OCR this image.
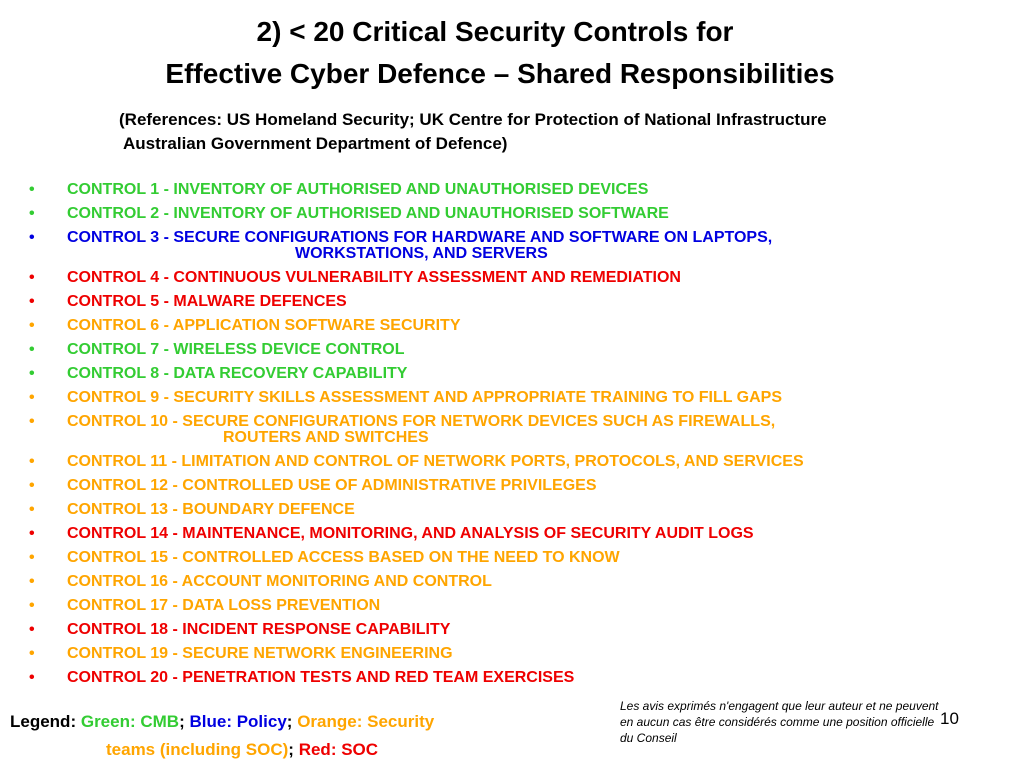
2) < 20 Critical Security Controls for
Effective Cyber Defence – Shared Responsibilities
(References: US Homeland Security; UK Centre for Protection of National Infrastructure
Australian Government Department of Defence)
• CONTROL 1 - INVENTORY OF AUTHORISED AND UNAUTHORISED DEVICES
• CONTROL 2 - INVENTORY OF AUTHORISED AND UNAUTHORISED SOFTWARE
• CONTROL 3 - SECURE CONFIGURATIONS FOR HARDWARE AND SOFTWARE ON LAPTOPS,
WORKSTATIONS, AND SERVERS
• CONTROL 4 - CONTINUOUS VULNERABILITY ASSESSMENT AND REMEDIATION
• CONTROL 5 - MALWARE DEFENCES
• CONTROL 6 - APPLICATION SOFTWARE SECURITY
• CONTROL 7 - WIRELESS DEVICE CONTROL
• CONTROL 8 - DATA RECOVERY CAPABILITY
• CONTROL 9 - SECURITY SKILLS ASSESSMENT AND APPROPRIATE TRAINING TO FILL GAPS
• CONTROL 10 - SECURE CONFIGURATIONS FOR NETWORK DEVICES SUCH AS FIREWALLS,
ROUTERS AND SWITCHES
• CONTROL 11 - LIMITATION AND CONTROL OF NETWORK PORTS, PROTOCOLS, AND SERVICES
• CONTROL 12 - CONTROLLED USE OF ADMINISTRATIVE PRIVILEGES
• CONTROL 13 - BOUNDARY DEFENCE
• CONTROL 14 - MAINTENANCE, MONITORING, AND ANALYSIS OF SECURITY AUDIT LOGS
• CONTROL 15 - CONTROLLED ACCESS BASED ON THE NEED TO KNOW
• CONTROL 16 - ACCOUNT MONITORING AND CONTROL
• CONTROL 17 - DATA LOSS PREVENTION
• CONTROL 18 - INCIDENT RESPONSE CAPABILITY
• CONTROL 19 - SECURE NETWORK ENGINEERING
• CONTROL 20 - PENETRATION TESTS AND RED TEAM EXERCISES
Legend: Green: CMB; Blue: Policy; Orange: Security
teams (including SOC); Red: SOC
Les avis exprimés n'engagent que leur auteur et ne peuvent en aucun cas être considérés comme une position officielle du Conseil
10
